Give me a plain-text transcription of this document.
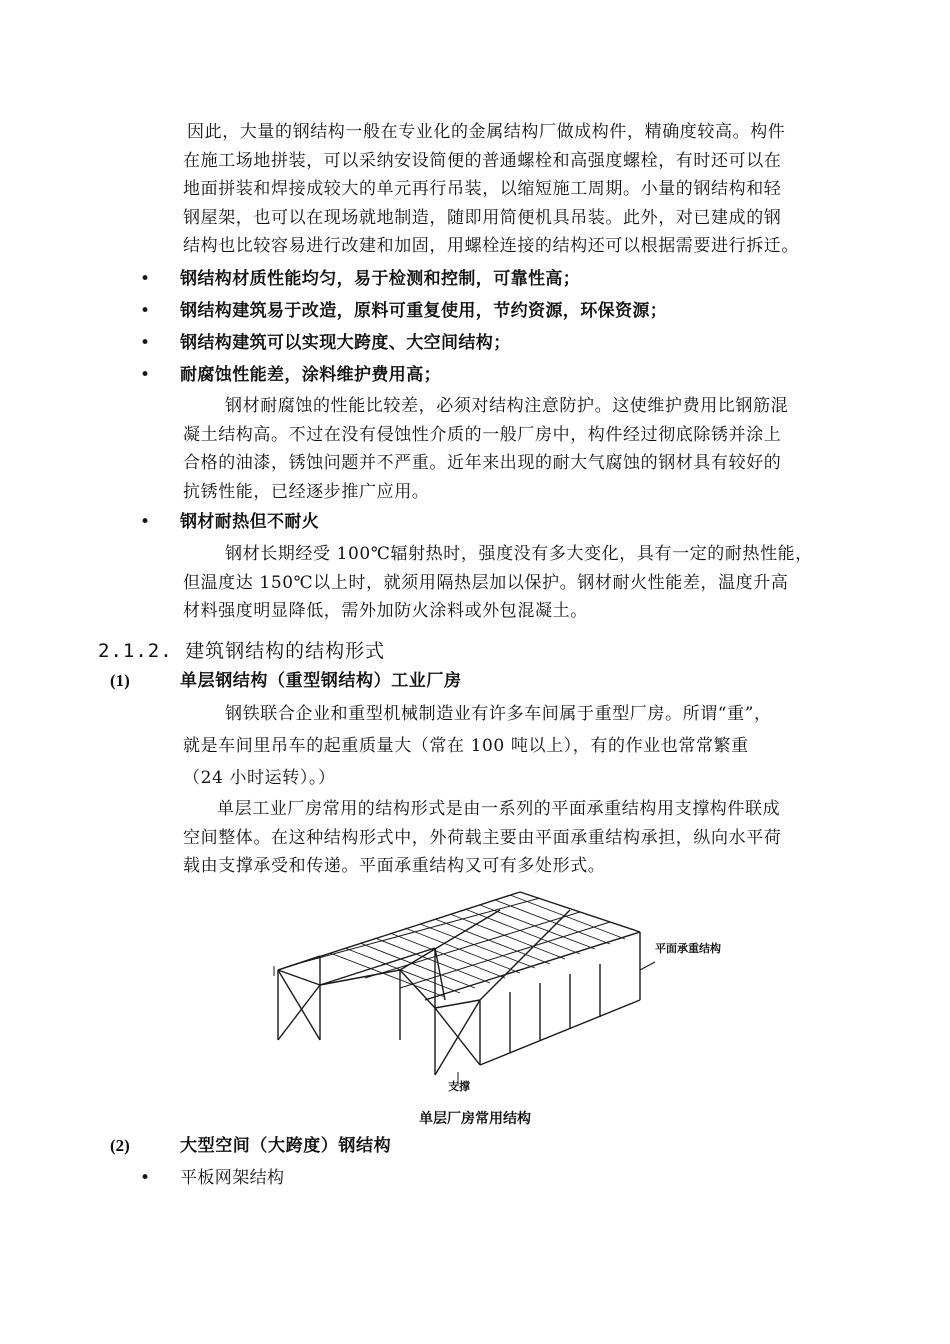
因此，大量的钢结构一般在专业化的金属结构厂做成构件，精确度较高。构件
在施工场地拼装，可以采纳安设简便的普通螺栓和高强度螺栓，有时还可以在
地面拼装和焊接成较大的单元再行吊装，以缩短施工周期。小量的钢结构和轻
钢屋架，也可以在现场就地制造，随即用简便机具吊装。此外，对已建成的钢
结构也比较容易进行改建和加固，用螺栓连接的结构还可以根据需要进行拆迁。
•	钢结构材质性能均匀，易于检测和控制，可靠性高；
•	钢结构建筑易于改造，原料可重复使用，节约资源，环保资源；
•	钢结构建筑可以实现大跨度、大空间结构；
•	耐腐蚀性能差，涂料维护费用高；
钢材耐腐蚀的性能比较差，必须对结构注意防护。这使维护费用比钢筋混
凝土结构高。不过在没有侵蚀性介质的一般厂房中，构件经过彻底除锈并涂上
合格的油漆，锈蚀问题并不严重。近年来出现的耐大气腐蚀的钢材具有较好的
抗锈性能，已经逐步推广应用。
•	钢材耐热但不耐火
钢材长期经受 100℃辐射热时，强度没有多大变化，具有一定的耐热性能，
但温度达 150℃以上时，就须用隔热层加以保护。钢材耐火性能差，温度升高
材料强度明显降低，需外加防火涂料或外包混凝土。
2.1.2. 建筑钢结构的结构形式
(1)	单层钢结构（重型钢结构）工业厂房
钢铁联合企业和重型机械制造业有许多车间属于重型厂房。所谓“重”，
就是车间里吊车的起重质量大（常在 100 吨以上），有的作业也常常繁重
（24 小时运转）。）
单层工业厂房常用的结构形式是由一系列的平面承重结构用支撑构件联成
空间整体。在这种结构形式中，外荷载主要由平面承重结构承担，纵向水平荷
载由支撑承受和传递。平面承重结构又可有多处形式。
平面承重结构
支撑
单层厂房常用结构
(2)	大型空间（大跨度）钢结构
•	平板网架结构
